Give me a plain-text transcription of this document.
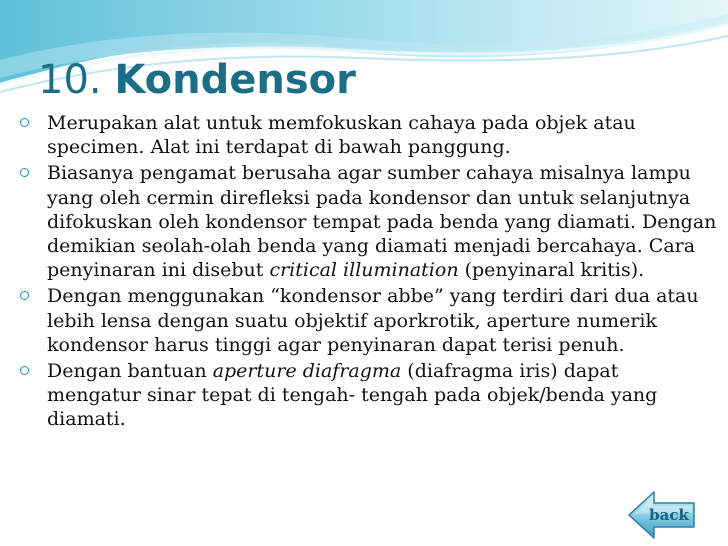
10. Kondensor
Merupakan alat untuk memfokuskan cahaya pada objek atau specimen. Alat ini terdapat di bawah panggung.
Biasanya pengamat berusaha agar sumber cahaya misalnya lampu yang oleh cermin direfleksi pada kondensor dan untuk selanjutnya difokuskan oleh kondensor tempat pada benda yang diamati. Dengan demikian seolah-olah benda yang diamati menjadi bercahaya. Cara penyinaran ini disebut critical illumination (penyinaral kritis).
Dengan menggunakan “kondensor abbe” yang terdiri dari dua atau lebih lensa dengan suatu objektif aporkrotik, aperture numerik kondensor harus tinggi agar penyinaran dapat terisi penuh.
Dengan bantuan aperture diafragma (diafragma iris) dapat mengatur sinar tepat di tengah- tengah pada objek/benda yang diamati.
back
